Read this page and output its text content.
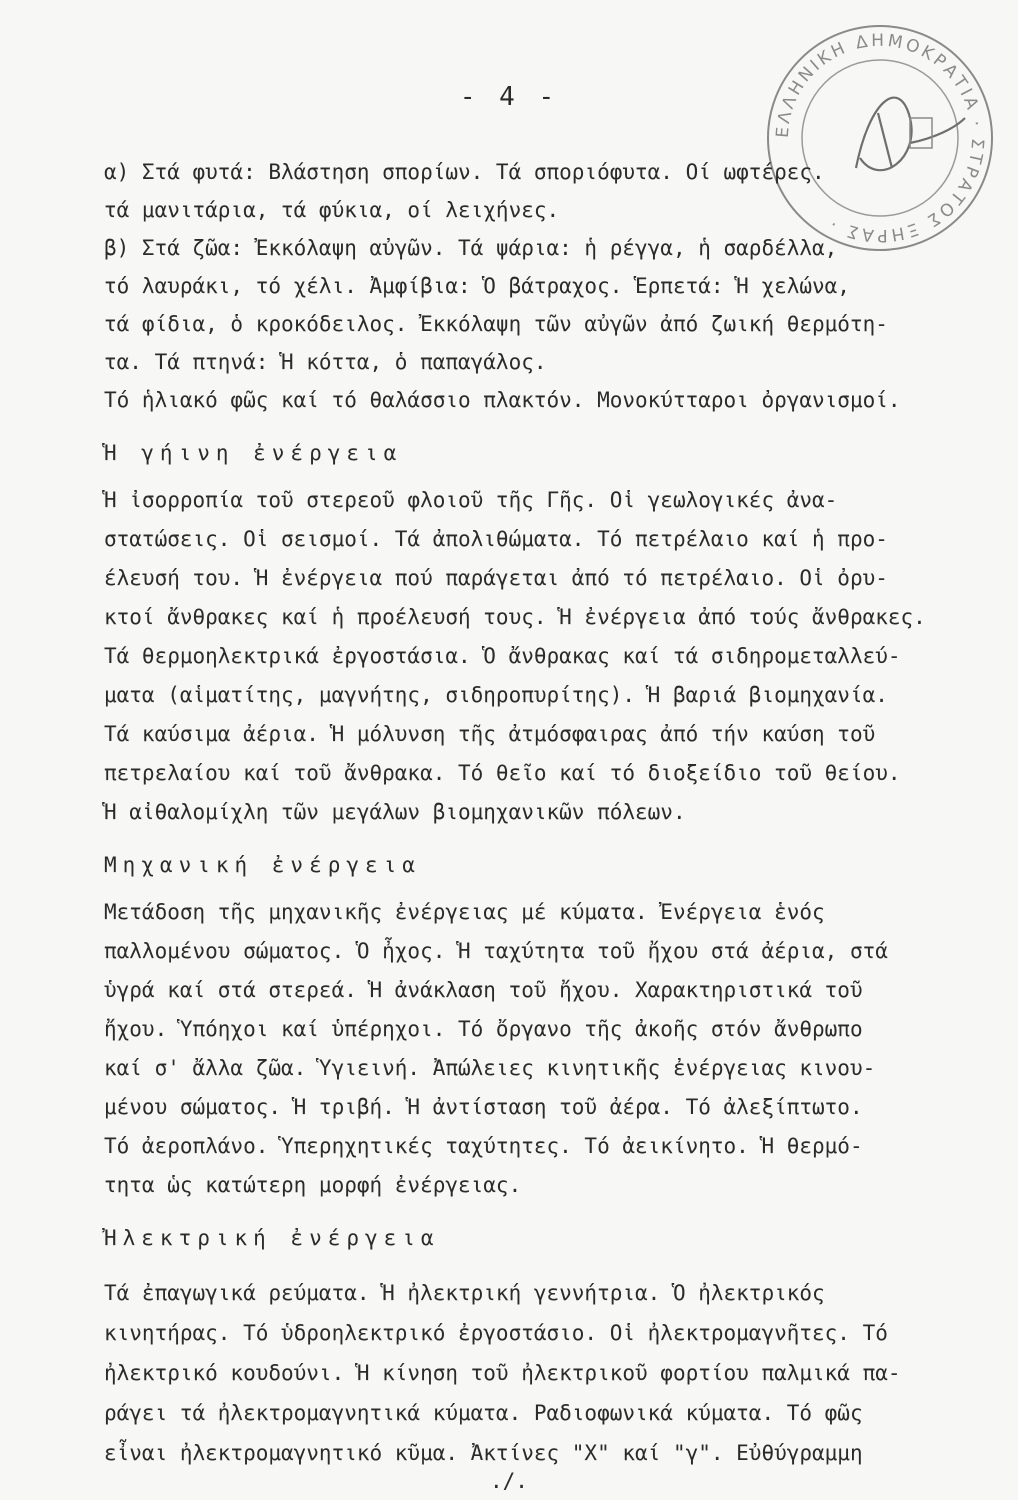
- 4 -
ΕΛΛΗΝΙΚΗ ΔΗΜΟΚΡΑΤΙΑ · ΣΤΡΑΤΟΣ ΞΗΡΑΣ ·
α) Στά φυτά: Βλάστηση σπορίων. Τά σποριόφυτα. Οί ωφτέρες.
τά μανιτάρια, τά φύκια, οί λειχήνες.
β) Στά ζῶα: Ἐκκόλαψη αὐγῶν. Τά ψάρια: ἡ ρέγγα, ἡ σαρδέλλα,
τό λαυράκι, τό χέλι. Ἀμφίβια: Ὁ βάτραχος. Ἑρπετά: Ἡ χελώνα,
τά φίδια, ὁ κροκόδειλος. Ἐκκόλαψη τῶν αὐγῶν ἀπό ζωική θερμότη-
τα. Τά πτηνά: Ἡ κόττα, ὁ παπαγάλος.
Τό ἡλιακό φῶς καί τό θαλάσσιο πλακτόν. Μονοκύτταροι ὀργανισμοί.
Ἡ γήινη ἐνέργεια
Ἡ ἰσορροπία τοῦ στερεοῦ φλοιοῦ τῆς Γῆς. Οἱ γεωλογικές ἀνα-
στατώσεις. Οἱ σεισμοί. Τά ἀπολιθώματα. Τό πετρέλαιο καί ἡ προ-
έλευσή του. Ἡ ἐνέργεια πού παράγεται ἀπό τό πετρέλαιο. Οἱ ὀρυ-
κτοί ἄνθρακες καί ἡ προέλευσή τους. Ἡ ἐνέργεια ἀπό τούς ἄνθρακες.
Τά θερμοηλεκτρικά ἐργοστάσια. Ὁ ἄνθρακας καί τά σιδηρομεταλλεύ-
ματα (αἱματίτης, μαγνήτης, σιδηροπυρίτης). Ἡ βαριά βιομηχανία.
Τά καύσιμα ἀέρια. Ἡ μόλυνση τῆς ἀτμόσφαιρας ἀπό τήν καύση τοῦ
πετρελαίου καί τοῦ ἄνθρακα. Τό θεῖο καί τό διοξείδιο τοῦ θείου.
Ἡ αἰθαλομίχλη τῶν μεγάλων βιομηχανικῶν πόλεων.
Μηχανική ἐνέργεια
Μετάδοση τῆς μηχανικῆς ἐνέργειας μέ κύματα. Ἐνέργεια ἑνός
παλλομένου σώματος. Ὁ ἦχος. Ἡ ταχύτητα τοῦ ἤχου στά ἀέρια, στά
ὑγρά καί στά στερεά. Ἡ ἀνάκλαση τοῦ ἤχου. Χαρακτηριστικά τοῦ
ἤχου. Ὑπόηχοι καί ὑπέρηχοι. Τό ὄργανο τῆς ἀκοῆς στόν ἄνθρωπο
καί σ' ἄλλα ζῶα. Ὑγιεινή. Ἀπώλειες κινητικῆς ἐνέργειας κινου-
μένου σώματος. Ἡ τριβή. Ἡ ἀντίσταση τοῦ ἀέρα. Τό ἀλεξίπτωτο.
Τό ἀεροπλάνο. Ὑπερηχητικές ταχύτητες. Τό ἀεικίνητο. Ἡ θερμό-
τητα ὡς κατώτερη μορφή ἐνέργειας.
Ἠλεκτρική ἐνέργεια
Τά ἐπαγωγικά ρεύματα. Ἡ ἠλεκτρική γεννήτρια. Ὁ ἠλεκτρικός
κινητήρας. Τό ὑδροηλεκτρικό ἐργοστάσιο. Οἱ ἠλεκτρομαγνῆτες. Τό
ἠλεκτρικό κουδούνι. Ἡ κίνηση τοῦ ἠλεκτρικοῦ φορτίου παλμικά πα-
ράγει τά ἠλεκτρομαγνητικά κύματα. Ραδιοφωνικά κύματα. Τό φῶς
εἶναι ἠλεκτρομαγνητικό κῦμα. Ἀκτίνες "Χ" καί "γ". Εὐθύγραμμη
./.
